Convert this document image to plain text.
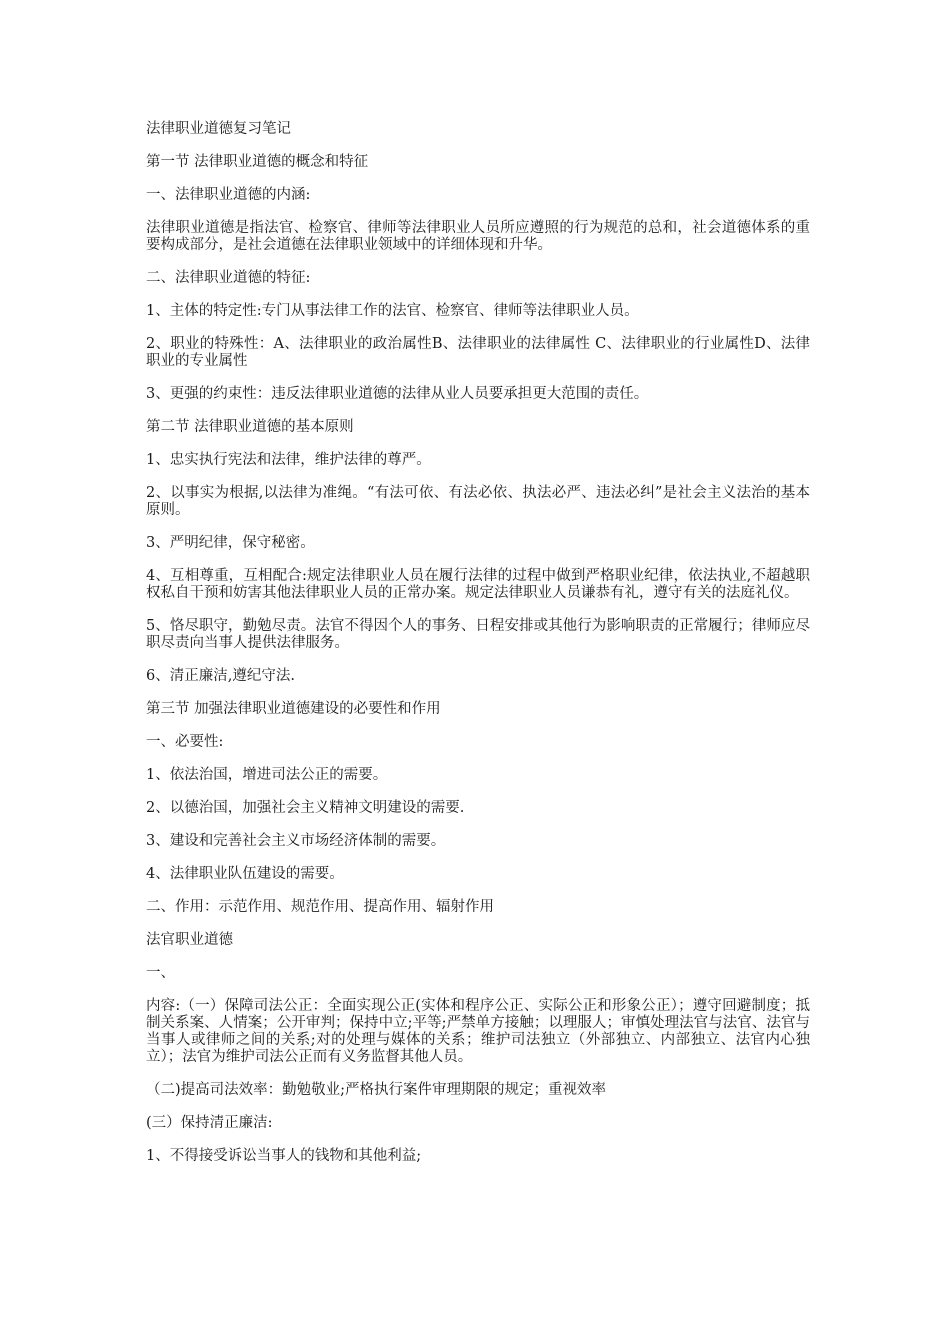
法律职业道德复习笔记

第一节 法律职业道德的概念和特征

一、法律职业道德的内涵:

法律职业道德是指法官、检察官、律师等法律职业人员所应遵照的行为规范的总和，社会道德体系的重要构成部分，是社会道德在法律职业领域中的详细体现和升华。

二、法律职业道德的特征:

1、主体的特定性:专门从事法律工作的法官、检察官、律师等法律职业人员。

2、职业的特殊性：A、法律职业的政治属性B、法律职业的法律属性 C、法律职业的行业属性D、法律职业的专业属性

3、更强的约束性：违反法律职业道德的法律从业人员要承担更大范围的责任。

第二节 法律职业道德的基本原则

1、忠实执行宪法和法律，维护法律的尊严。

2、以事实为根据,以法律为准绳。“有法可依、有法必依、执法必严、违法必纠”是社会主义法治的基本原则。

3、严明纪律，保守秘密。

4、互相尊重，互相配合:规定法律职业人员在履行法律的过程中做到严格职业纪律，依法执业,不超越职权私自干预和妨害其他法律职业人员的正常办案。规定法律职业人员谦恭有礼，遵守有关的法庭礼仪。

5、恪尽职守，勤勉尽责。法官不得因个人的事务、日程安排或其他行为影响职责的正常履行；律师应尽职尽责向当事人提供法律服务。

6、清正廉洁,遵纪守法.

第三节 加强法律职业道德建设的必要性和作用

一、必要性:

1、依法治国，增进司法公正的需要。

2、以德治国，加强社会主义精神文明建设的需要.

3、建设和完善社会主义市场经济体制的需要。

4、法律职业队伍建设的需要。

二、作用：示范作用、规范作用、提高作用、辐射作用

法官职业道德

一、

内容:（一）保障司法公正：全面实现公正(实体和程序公正、实际公正和形象公正）；遵守回避制度；抵制关系案、人情案；公开审判；保持中立;平等;严禁单方接触；以理服人；审慎处理法官与法官、法官与当事人或律师之间的关系;对的处理与媒体的关系；维护司法独立（外部独立、内部独立、法官内心独立）；法官为维护司法公正而有义务监督其他人员。

（二)提高司法效率：勤勉敬业;严格执行案件审理期限的规定；重视效率

(三）保持清正廉洁:

1、不得接受诉讼当事人的钱物和其他利益;
